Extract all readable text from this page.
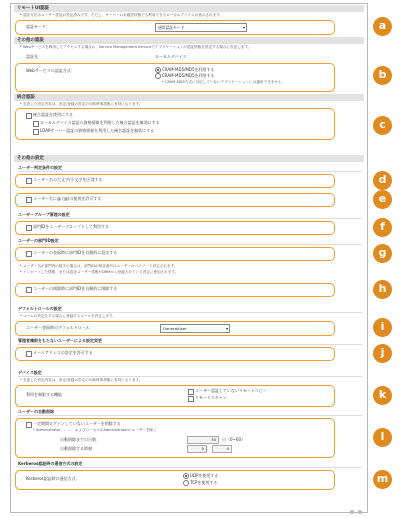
リモートUI認証
* 認証方法はユーザー認証が設定済みです。ただし、サーバーの未確認状態でも利用できるローカルデバイスが表示されます。
認証モード：	通常認証モード	▾	a
その他の認証
* Webサービスを利用してアクセスする場合の、Service Management Serviceでアプリケーションが認証情報を設定する場合に変更します。
認証先：	ローカルデバイス
Webサービスの認証方式：	CRAM-MD5/MD5を利用する
CRAM-MD5/MD5を利用する
* CRAM-MD5方式に対応していないアプリケーションには適用できません。
b
統合認証
* 変更した設定内容は、設定/登録の設定の反映時事項後に有効になります。
統合認証を使用にする
ローカルデバイス認証の資格情報を利用した統合認証を無効にする
LDAPサーバー認証の資格情報を利用した統合認証を無効にする	c
その他の設定
ユーザー判定条件の設定
ユーザー名の大文字/小文字を区別する	d
ユーザー名に@ (@)の使用を許可する	e
ユーザーグループ管理の設定
部門IDをユーザーグループとして利用する	f
ユーザーの部門ID設定
ユーザーの登録時に部門IDを自動的に設定する	g
* ユーザー名が部門内の数字の場合は、部門IDの暗証番号はユーザーのパスワード設定されます。
* インポートした情報、または認証ユーザー情報がDRMから登録されている設定に使用されます。
ユーザーの削除時に部門IDを自動的に削除する	h
デフォルトロールの設定
* ロールの設定をする場合に登録するロールを設定します。
ユーザー登録時のデフォルトロール：	GeneralUser	▾	i
管理者権限をもたないユーザーによる設定変更
メールアドレスの設定を許可する	j
デバイス設定
* 変更した設定内容は、設定/登録の設定の反映時事項後に有効になります。
利用を制限する機能：
ユーザー認証していないリモートコピー
リモートスキャン	k
ユーザーの自動削除
一定期間ログインしていないユーザーを削除する
* Administrator、……、およびローカルのAdministratorのユーザーを除く
自動削除までの日数：	30	日（0~60）
自動削除する時刻：	0 :	0
l
Kerberos認証時の通信方式の設定
Kerberos認証時の通信方式：
UDPを使用する
TCPを使用する	m
